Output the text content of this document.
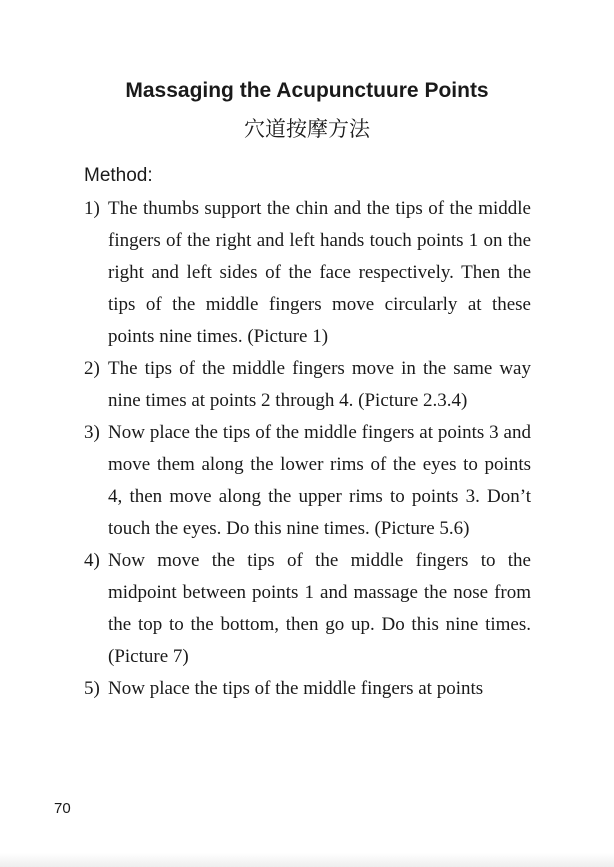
Massaging the Acupunctuure Points
穴道按摩方法
Method:
1) The thumbs support the chin and the tips of the middle fingers of the right and left hands touch points 1 on the right and left sides of the face respectively. Then the tips of the middle fingers move circularly at these points nine times. (Picture 1)
2) The tips of the middle fingers move in the same way nine times at points 2 through 4. (Picture 2.3.4)
3) Now place the tips of the middle fingers at points 3 and move them along the lower rims of the eyes to points 4, then move along the upper rims to points 3. Don’t touch the eyes. Do this nine times. (Picture 5.6)
4) Now move the tips of the middle fingers to the midpoint between points 1 and massage the nose from the top to the bottom, then go up. Do this nine times. (Picture 7)
5) Now place the tips of the middle fingers at points
70
